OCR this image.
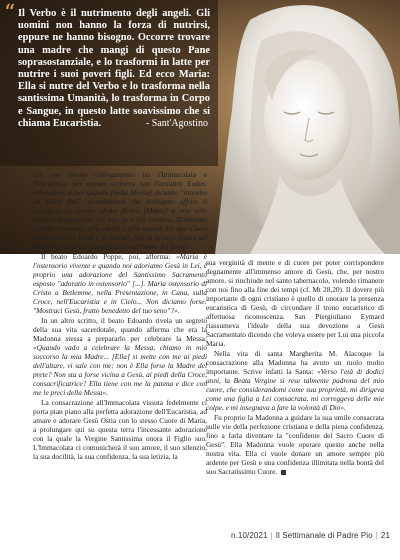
“ Il Verbo è il nutrimento degli angeli. Gli uomini non hanno la forza di nutrirsi, eppure ne hanno bisogno. Occorre trovare una madre che mangi di questo Pane soprasostanziale, e lo trasformi in latte per nutrire i suoi poveri figli. Ed ecco Maria: Ella si nutre del Verbo e lo trasforma nella santissima Umanità, lo trasforma in Corpo e Sangue, in questo latte soavissimo che si chiama Eucaristia.	- Sant'Agostino

C'è uno stretto collegamento tra l'Immacolata e l'Eucaristia, per questo scriveva san Giovanni Eudes: «Pensiamo a Lei quando [nella Messa] diciamo "introibo ad altare Dei", ricordiamoci che dobbiamo offrire il sacrificio su questo altare divino [Maria] e non solo sull'altare materiale che non ne è che l'ombra. Dobbiamo offrirlo in unione alla carità e alla santità dei due Cuori ammirabili [di Gesù e di Maria], fusi in un solo Cuore sul medesimo altare, chiamato altresì Il Santo dei santi».

Il beato Edoardo Poppe, poi, afferma: «Maria è l'ostensorio vivente e quando noi adoriamo Gesù in Lei, è proprio una adorazione del Santissimo Sacramento esposto "adoratio in ostensorio" [...]. Maria ostensorio di Cristo a Betlemme, nella Presentazione, in Cana, sulla Croce, nell'Eucaristia e in Cielo... Non diciamo forse: "Mostraci Gesù, frutto benedetto del tuo seno"?».

In un altro scritto, il beato Edoardo rivela un segreto della sua vita sacerdotale, quando afferma che era la Madonna stessa a prepararlo per celebrare la Messa: «Quando vado a celebrare la Messa, chiamo in mio soccorso la mia Madre... [Ella] si mette con me ai piedi dell'altare, vi sale con me; non è Ella forse la Madre del prete? Non sta a forse vicina a Gesù, ai piedi della Croce, consacrificatrice? Ella tiene con me la patena e dice con me le preci della Messa».

La consacrazione all'Immacolata vissuta fedelmente ci porta pian piano alla perfetta adorazione dell'Eucaristia, ad amare e adorare Gesù Ostia con lo stesso Cuore di Maria, a prolungare qui su questa terra l'incessante adorazione con la quale la Vergine Santissima onora il Figlio suo. L'Immacolata ci comunicherà il suo amore, il suo silenzio, la sua docilità, la sua confidenza, la sua letizia, la

sua verginità di mente e di cuore per poter corrispondere degnamente all'immenso amore di Gesù, che, per nostro amore, si rinchiude nel santo tabernacolo, volendo rimanere con noi fino alla fine dei tempi (cf. Mt 28,20). Il dovere più importante di ogni cristiano è quello di onorare la presenza eucaristica di Gesù, di circondare il trono eucaristico di affettuosa riconoscenza. San Piergiuliano Eymard riassumeva l'ideale della sua devozione a Gesù Sacramentato dicendo che voleva essere per Lui una piccola Maria.

Nella vita di santa Margherita M. Alacoque la consacrazione alla Madonna ha avuto un ruolo molto importante. Scrive infatti la Santa: «Verso l'età di dodici anni, la Beata Vergine si rese talmente padrona del mio cuore, che considerandomi come sua proprietà, mi dirigeva come una figlia a Lei consacrata, mi correggeva delle mie colpe, e mi insegnava a fare la volontà di Dio».

Fu proprio la Madonna a guidare la sua umile consacrata sulle vie della perfezione cristiana e della piena confidenza, fino a farla diventare la "confidente del Sacro Cuore di Gesù". Ella Madonna vuole operare questo anche nella nostra vita. Ella ci vuole donare un amore sempre più ardente per Gesù e una confidenza illimitata nella bontà del suo Sacratissimo Cuore.

n.10/2021 | Il Settimanale di Padre Pio | 21
